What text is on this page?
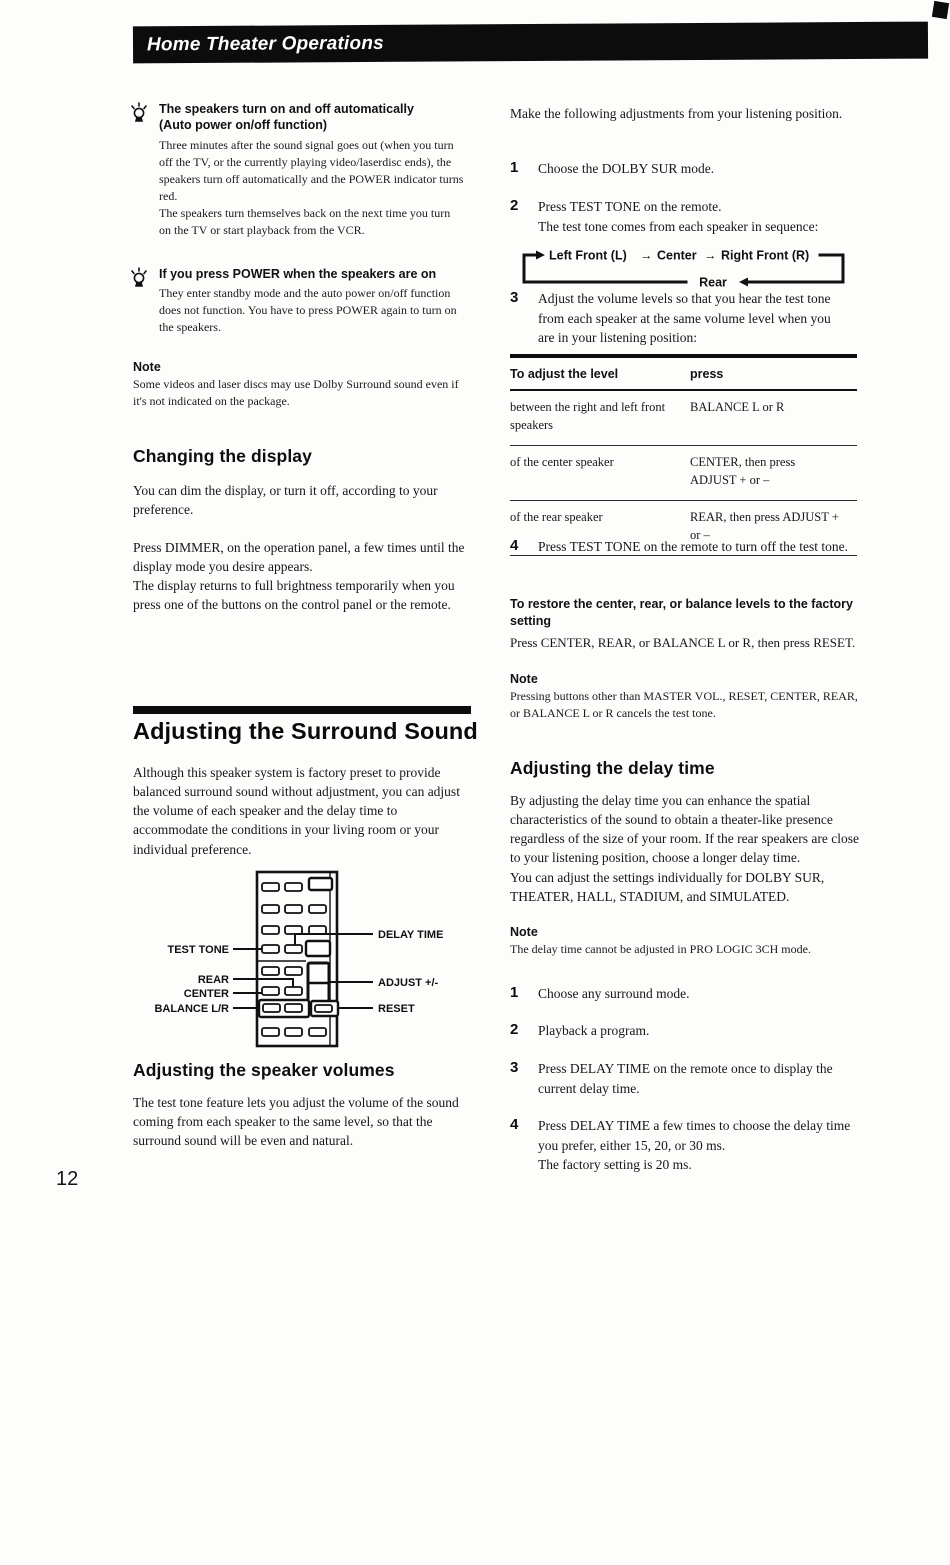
Home Theater Operations
The speakers turn on and off automatically
(Auto power on/off function)
Three minutes after the sound signal goes out (when you turn off the TV, or the currently playing video/laserdisc ends), the speakers turn off automatically and the POWER indicator turns red.
The speakers turn themselves back on the next time you turn on the TV or start playback from the VCR.
If you press POWER when the speakers are on
They enter standby mode and the auto power on/off function does not function. You have to press POWER again to turn on the speakers.
Note
Some videos and laser discs may use Dolby Surround sound even if it's not indicated on the package.
Changing the display
You can dim the display, or turn it off, according to your preference.
Press DIMMER, on the operation panel, a few times until the display mode you desire appears.
The display returns to full brightness temporarily when you press one of the buttons on the control panel or the remote.
Adjusting the Surround Sound
Although this speaker system is factory preset to provide balanced surround sound without adjustment, you can adjust the volume of each speaker and the delay time to accommodate the conditions in your living room or your individual preference.
TEST TONE
REAR
CENTER
BALANCE L/R
DELAY TIME
ADJUST +/-
RESET
Adjusting the speaker volumes
The test tone feature lets you adjust the volume of the sound coming from each speaker to the same level, so that the surround sound will be even and natural.
12
Make the following adjustments from your listening position.
1	Choose the DOLBY SUR mode.
2	Press TEST TONE on the remote.
The test tone comes from each speaker in sequence:
Left Front (L) → Center → Right Front (R)
Rear
3	Adjust the volume levels so that you hear the test tone from each speaker at the same volume level when you are in your listening position:
To adjust the level	press
between the right and left front speakers
BALANCE L or R
of the center speaker	CENTER, then press ADJUST + or –
of the rear speaker	REAR, then press ADJUST + or –
4	Press TEST TONE on the remote to turn off the test tone.
To restore the center, rear, or balance levels to the factory setting
Press CENTER, REAR, or BALANCE L or R, then press RESET.
Note
Pressing buttons other than MASTER VOL., RESET, CENTER, REAR, or BALANCE L or R cancels the test tone.
Adjusting the delay time
By adjusting the delay time you can enhance the spatial characteristics of the sound to obtain a theater-like presence regardless of the size of your room. If the rear speakers are close to your listening position, choose a longer delay time.
You can adjust the settings individually for DOLBY SUR, THEATER, HALL, STADIUM, and SIMULATED.
Note
The delay time cannot be adjusted in PRO LOGIC 3CH mode.
1	Choose any surround mode.
2	Playback a program.
3	Press DELAY TIME on the remote once to display the current delay time.
4	Press DELAY TIME a few times to choose the delay time you prefer, either 15, 20, or 30 ms.
The factory setting is 20 ms.
